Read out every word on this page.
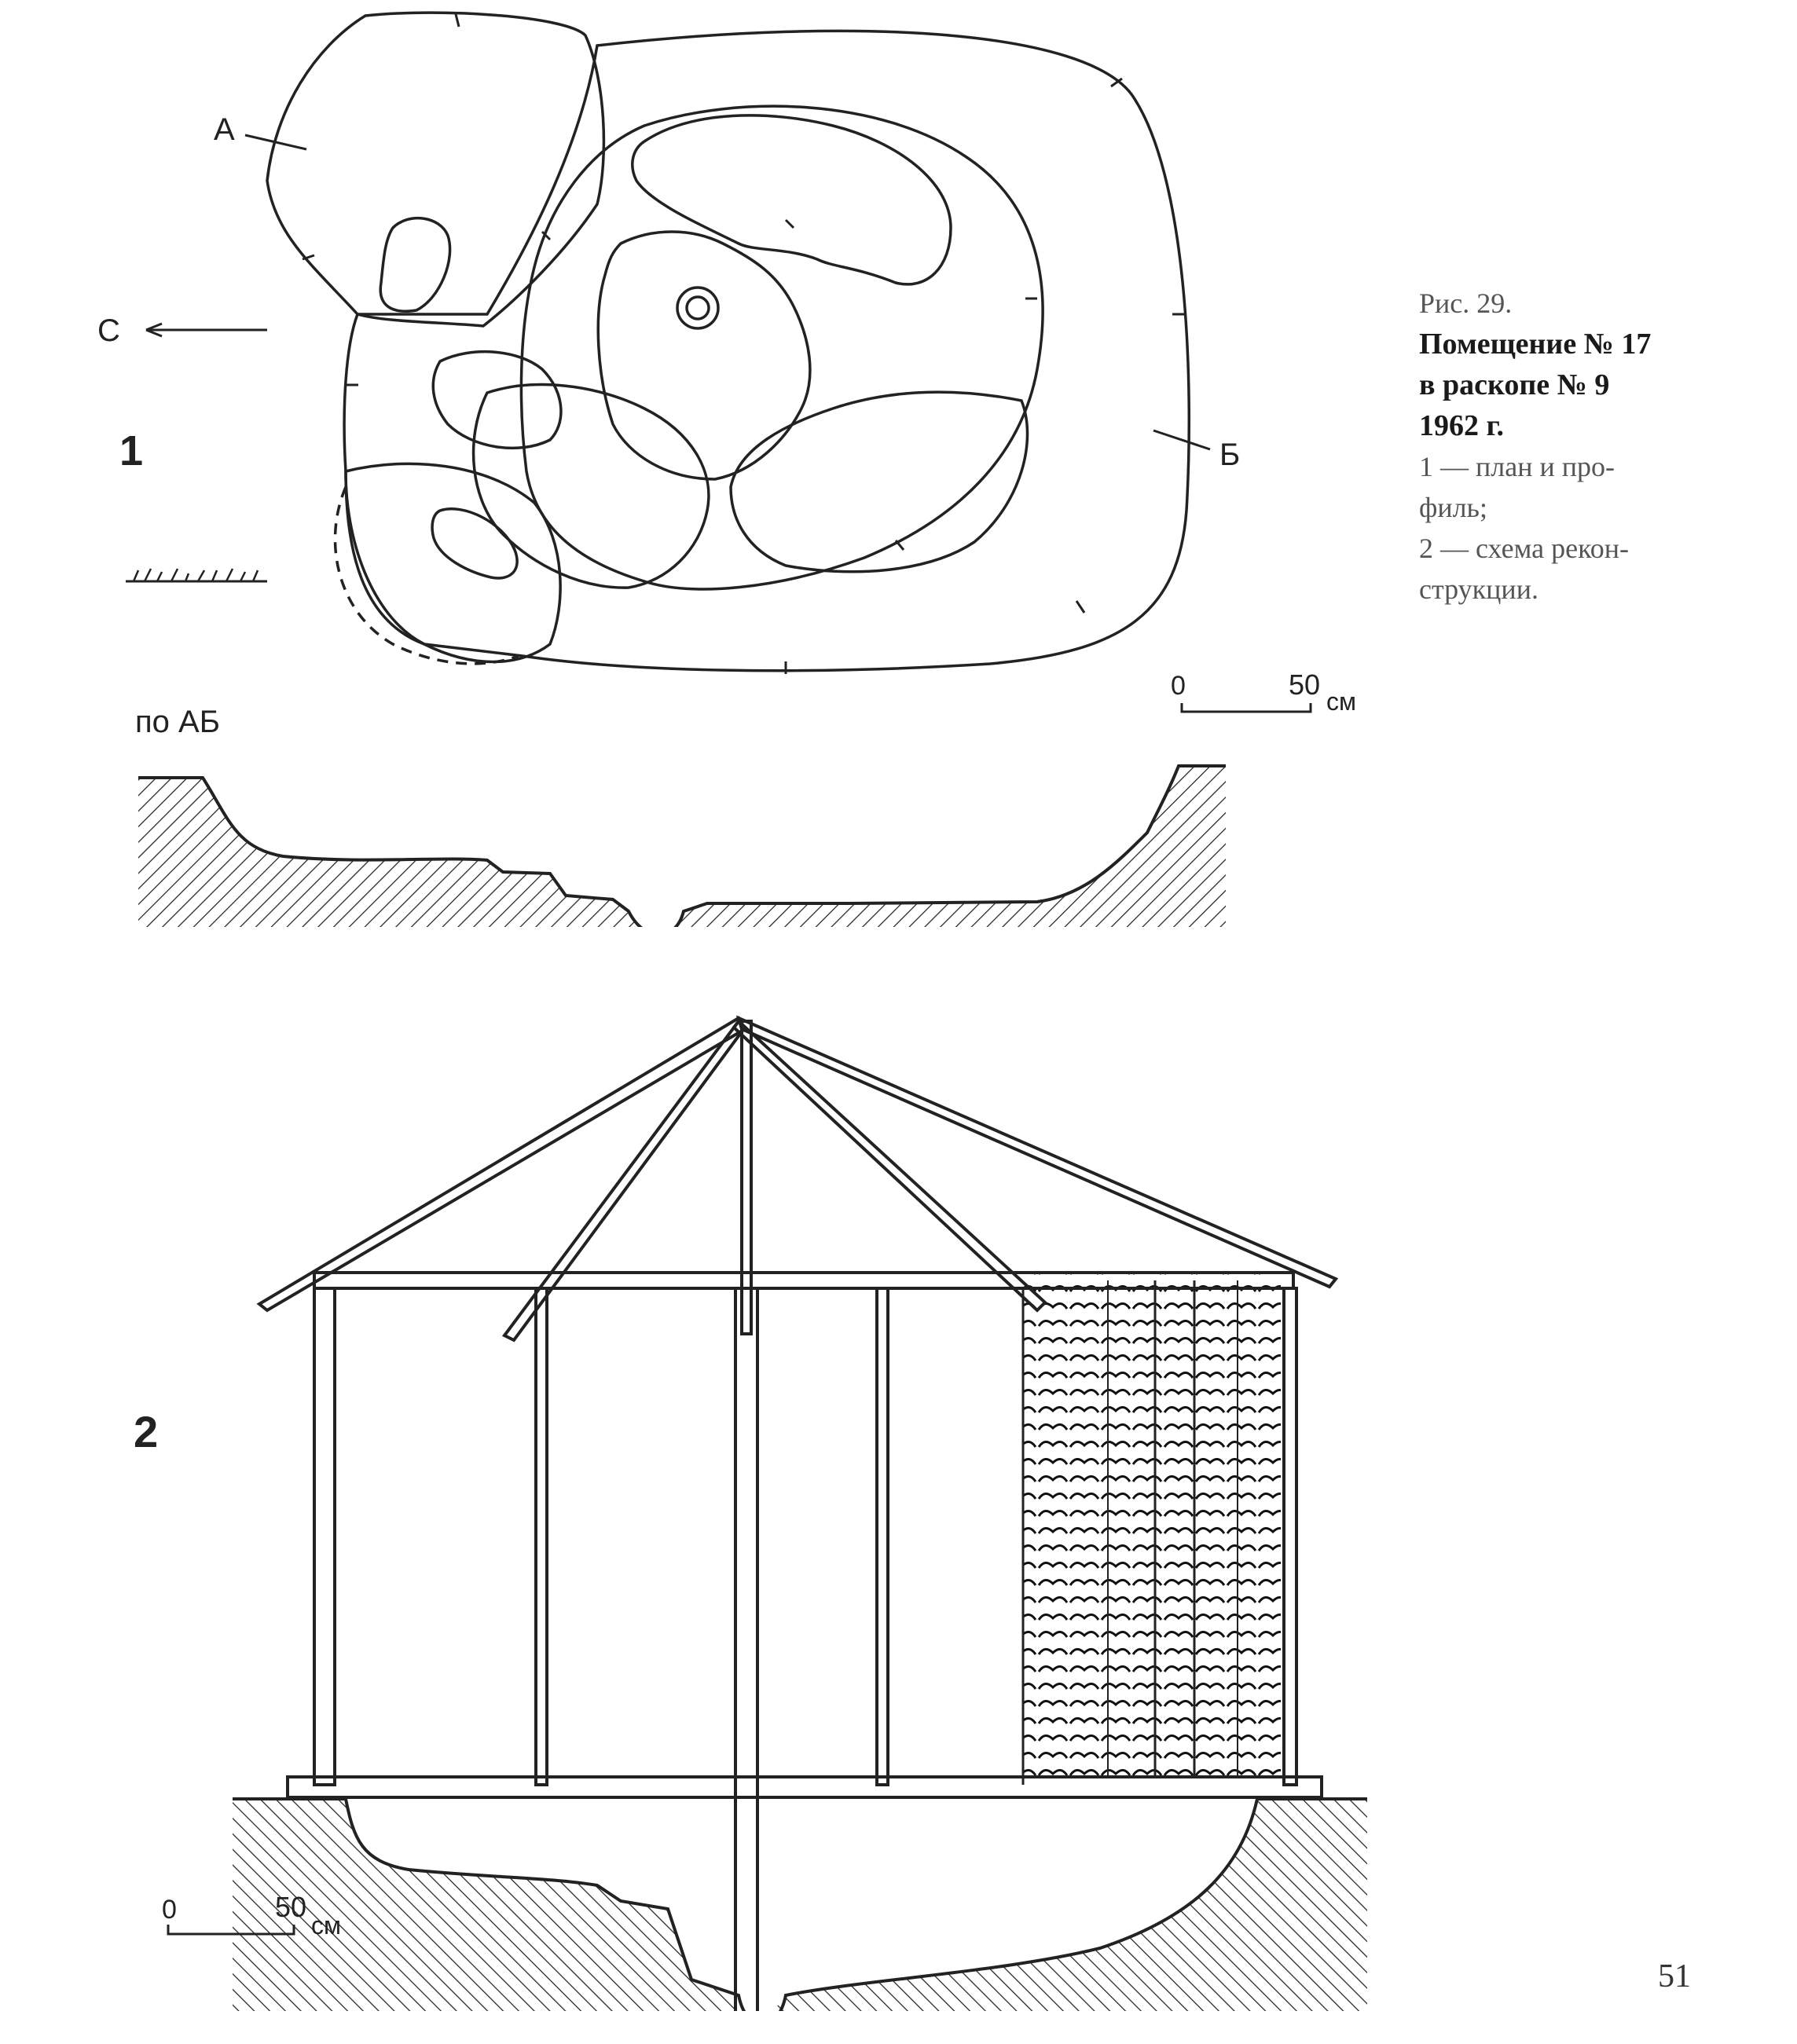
1
А
Б
С
0	50
см
по АБ
2
0	50
см
Рис. 29.
Помещение № 17
в раскопе № 9
1962 г.
1 — план и про-
филь;
2 — схема рекон-
струкции.
51
